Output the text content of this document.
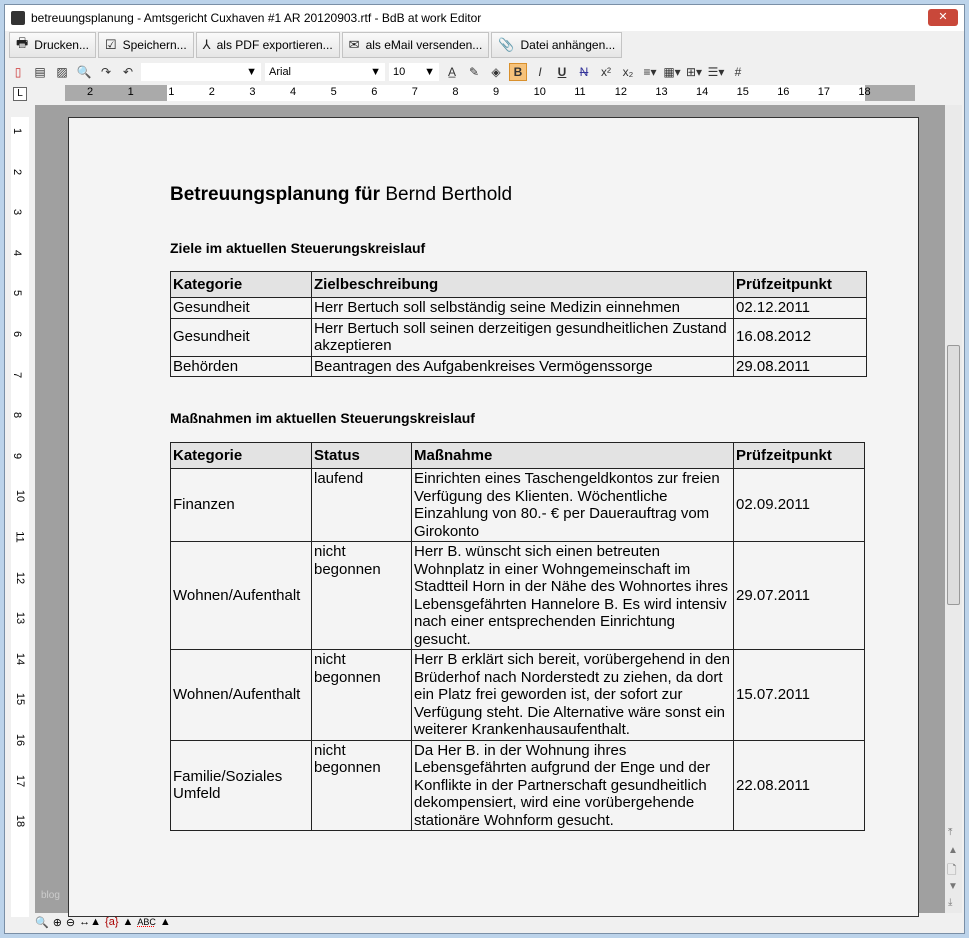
betreuungsplanung - Amtsgericht Cuxhaven #1 AR 20120903.rtf - BdB at work Editor	✕
🖶 Drucken... ☑ Speichern... ⅄ als PDF exportieren... ✉ als eMail versenden... 📎 Datei anhängen...
▯	▤ ▨ 🔍 ↷ ↶	▼ Arial	▼ 10 ▼	A̲	✎	◈	B	I	U	N	x² x₂ ≡▾ ▦▾ ⊞▾ ☰▾ #
L	2	1	1	2	3	4	5	6	7	8	9	10	11	12	13	14	15	16	17	18
1
2
3
4
5
6
7
8
9
10
11
12
13
14
15
16
17
18
Betreuungsplanung für Bernd Berthold
Ziele im aktuellen Steuerungskreislauf
Kategorie	Zielbeschreibung	Prüfzeitpunkt
Gesundheit	Herr Bertuch soll selbständig seine Medizin einnehmen	02.12.2011
Gesundheit	Herr Bertuch soll seinen derzeitigen gesundheitlichen Zustand akzeptieren	16.08.2012
Behörden	Beantragen des Aufgabenkreises Vermögenssorge	29.08.2011
Maßnahmen im aktuellen Steuerungskreislauf
Kategorie	Status	Maßnahme	Prüfzeitpunkt
Finanzen	laufend	Einrichten eines Taschengeldkontos zur freien Verfügung des Klienten. Wöchentliche Einzahlung von 80.- € per Dauerauftrag vom Girokonto	02.09.2011
Wohnen/Aufenthalt	nicht begonnen	Herr B. wünscht sich einen betreuten Wohnplatz in einer Wohngemeinschaft im Stadtteil Horn in der Nähe des Wohnortes ihres Lebensgefährten Hannelore B. Es wird intensiv nach einer entsprechenden Einrichtung gesucht.	29.07.2011
Wohnen/Aufenthalt	nicht begonnen	Herr B erklärt sich bereit, vorübergehend in den Brüderhof nach Norderstedt zu ziehen, da dort ein Platz frei geworden ist, der sofort zur Verfügung steht. Die Alternative wäre sonst ein weiterer Krankenhausaufenthalt.	15.07.2011
Familie/Soziales Umfeld	nicht begonnen	Da Her B. in der Wohnung ihres Lebensgefährten aufgrund der Enge und der Konflikte in der Partnerschaft gesundheitlich dekompensiert, wird eine vorübergehende stationäre Wohnform gesucht.	22.08.2011
blog
⤒
▲
🗋
▼
⤓
🔍 ⊕ ⊖ ↔▲ {a} ▲ ABC ▲
